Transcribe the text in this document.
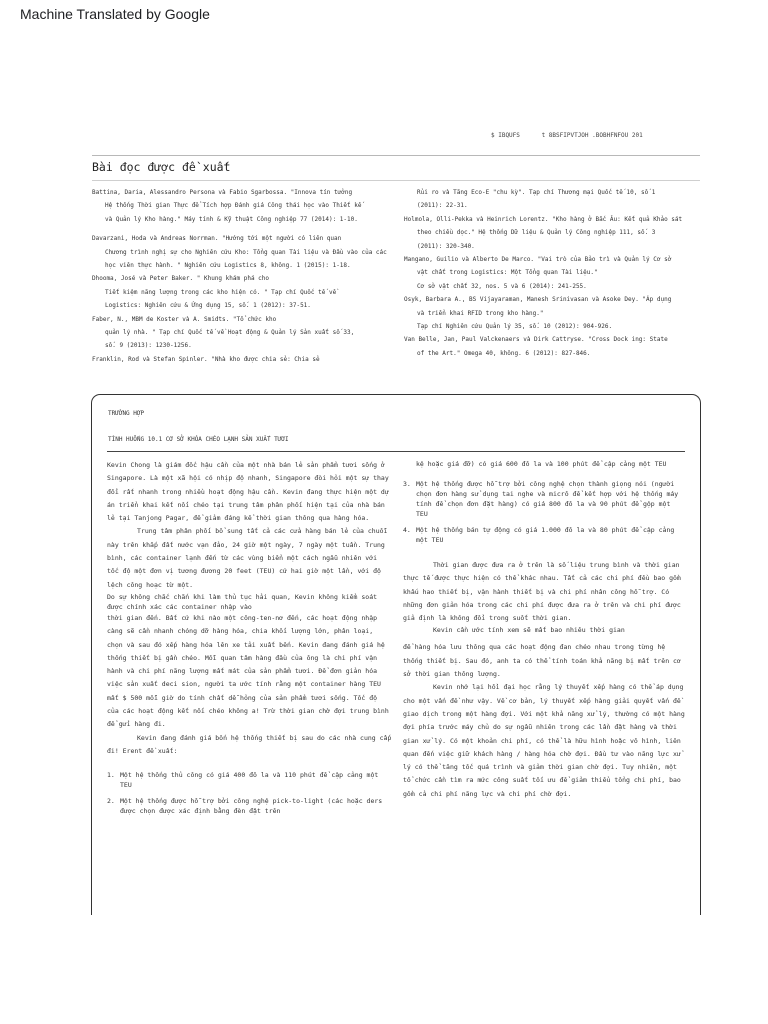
Machine Translated by Google
$ IBQUFS      t 8BSFIPVTJOH .BOBHFNFOU 201
Bài đọc được đề xuất
Battina, Daria, Alessandro Persona và Fabio Sgarbossa. "Innova tín tưởng
Hệ thống Thời gian Thực để Tích hợp Đánh giá Công thái học vào Thiết kế
và Quản lý Kho hàng." Máy tính & Kỹ thuật Công nghiệp 77 (2014): 1-10.
Davarzani, Hoda và Andreas Norrman. "Hướng tới một người có liên quan
Chương trình nghị sự cho Nghiên cứu Kho: Tổng quan Tài liệu và Đầu vào của các
học viên thực hành. " Nghiên cứu Logistics 8, không. 1 (2015): 1-18.
Dhooma, José và Peter Baker. " Khung khám phá cho
Tiết kiệm năng lượng trong các kho hiện có. " Tạp chí Quốc tế về
Logistics: Nghiên cứu & Ứng dụng 15, số. 1 (2012): 37-51.
Faber, N., MBM de Koster và A. Smidts. "Tổ chức kho
quản lý nhà. " Tạp chí Quốc tế về Hoạt động & Quản lý Sản xuất số 33,
số. 9 (2013): 1230-1256.
Franklin, Rod và Stefan Spinler. "Nhà kho được chia sẻ: Chia sẻ
Rủi ro và Tăng Eco-E "chu kỳ". Tạp chí Thương mại Quốc tế 10, số 1
(2011): 22-31.
Holmola, Olli-Pekka và Heinrich Lorentz. "Kho hàng ở Bắc Âu: Kết quả Khảo sát
theo chiều dọc." Hệ thống Dữ liệu & Quản lý Công nghiệp 111, số. 3
(2011): 320-340.
Mangano, Guilio và Alberto De Marco. "Vai trò của Bảo trì và Quản lý Cơ sở
vật chất trong Logistics: Một Tổng quan Tài liệu."
Cơ sở vật chất 32, nos. 5 và 6 (2014): 241-255.
Osyk, Barbara A., BS Vijayaraman, Manesh Srinivasan và Asoke Dey. "Áp dụng
và triển khai RFID trong kho hàng."
Tạp chí Nghiên cứu Quản lý 35, số. 10 (2012): 904-926.
Van Belle, Jan, Paul Valckenaers và Dirk Cattryse. "Cross Dock ing: State
of the Art." Omega 40, không. 6 (2012): 827-846.
TRƯỜNG HỢP
TÌNH HUỐNG 10.1 CƠ SỞ KHÓA CHÉO LẠNH SẢN XUẤT TƯƠI

Kevin Chong là giám đốc hậu cần của một nhà bán lẻ sản phẩm tươi sống ở Singapore. Là một xã hội có nhịp độ nhanh, Singapore đòi hỏi một sự thay đổi rất nhanh trong nhiều hoạt động hậu cần. Kevin đang thực hiện một dự án triển khai kết nối chéo tại trung tâm phân phối hiện tại của nhà bán lẻ tại Tanjong Pagar, để giảm đáng kể thời gian thông qua hàng hóa.

Trung tâm phân phối bổ sung tất cả các cửa hàng bán lẻ của chuỗi này trên khắp đất nước vạn đảo, 24 giờ một ngày, 7 ngày một tuần. Trung bình, các container lạnh đến từ các vùng biển một cách ngẫu nhiên với tốc độ một đơn vị tương đương 20 feet (TEU) cứ hai giờ một lần, với độ lệch công hoạc từ một.

Do sự không chắc chắn khi làm thủ tục hải quan, Kevin không kiểm soát được chính xác các container nhập vào

thời gian đến. Bất cứ khi nào một công-ten-nơ đến, các hoạt động nhập càng sẽ cần nhanh chóng dỡ hàng hóa, chia khối lượng lớn, phân loại, chọn và sau đó xếp hàng hóa lên xe tải xuất bến. Kevin đang đánh giá hệ thống thiết bị gần chéo. Mỗi quan tâm hàng đầu của ông là chi phí vận hành và chi phí năng lượng mất mát của sản phẩm tươi. Để đơn giản hóa việc sản xuất deci sion, người ta ước tính rằng một container hàng TEU mất $ 500 mỗi giờ do tính chất dễ hỏng của sản phẩm tươi sống. Tốc độ của các hoạt động kết nối chéo không a! Trừ thời gian chờ đợi trung bình để gửi hàng đi.

Kevin đang đánh giá bốn hệ thống thiết bị sau do các nhà cung cấp đi! Erent đề xuất:

1. Một hệ thống thủ công có giá 400 đô la và 110 phút để cập cảng một TEU
2. Một hệ thống được hỗ trợ bởi công nghệ pick-to-light (các hoặc ders được chọn được xác định bằng đèn đặt trên
kệ hoặc giá đỡ) có giá 600 đô la và 100 phút để cập cảng một TEU
3. Một hệ thống được hỗ trợ bởi công nghệ chọn thành giọng nói (người chọn đơn hàng sử dụng tai nghe và micrô để kết hợp với hệ thống máy tính để chọn đơn đặt hàng) có giá 800 đô la và 90 phút để gộp một TEU
4. Một hệ thống bán tự động có giá 1.000 đô la và 80 phút để cập cảng một TEU

Thời gian được đưa ra ở trên là số liệu trung bình và thời gian thực tế được thực hiện có thể khác nhau. Tất cả các chi phí đều bao gồm khấu hao thiết bị, vận hành thiết bị và chi phí nhân công hỗ trợ. Có những đơn giản hóa trong các chi phí được đưa ra ở trên và chi phí được giả định là không đổi trong suốt thời gian.

Kevin cần ước tính xem sẽ mất bao nhiêu thời gian

để hàng hóa lưu thông qua các hoạt động đan chéo nhau trong từng hệ thống thiết bị. Sau đó, anh ta có thể tính toán khả năng bị mất trên cơ sở thời gian thông lượng.

Kevin nhớ lại hồi đại học rằng lý thuyết xếp hàng có thể áp dụng cho một vấn đề như vậy. Về cơ bản, lý thuyết xếp hàng giải quyết vấn đề giao dịch trong một hàng đợi. Với một khả năng xử lý, thường có một hàng đợi phía trước máy chủ do sự ngẫu nhiên trong các lần đặt hàng và thời gian xử lý. Có một khoản chi phí, có thể là hữu hình hoặc vô hình, liên quan đến việc giữ khách hàng / hàng hóa chờ đợi. Đầu tư vào năng lực xử lý có thể tăng tốc quá trình và giảm thời gian chờ đợi. Tuy nhiên, một tổ chức cần tìm ra mức công suất tối ưu để giảm thiểu tổng chi phí, bao gồm cả chi phí năng lực và chi phí chờ đợi.
